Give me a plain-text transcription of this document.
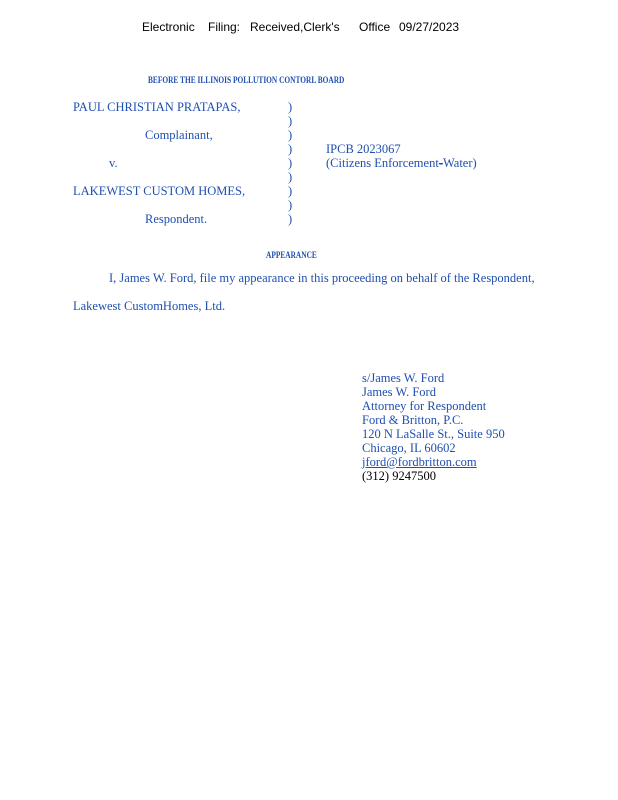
Electronic Filing: Received,Clerk's Office 09/27/2023
BEFORE THE ILLINOIS POLLUTION CONTORL BOARD
PAUL CHRISTIAN PRATAPAS,
Complainant,
v.
LAKEWEST CUSTOM HOMES,
Respondent.
)
)
)
)
)
)
)
)
)
IPCB 2023067
(Citizens Enforcement-Water)
APPEARANCE
I, James W. Ford, file my appearance in this proceeding on behalf of the Respondent,
Lakewest CustomHomes, Ltd.
s/James W. Ford
James W. Ford
Attorney for Respondent
Ford & Britton, P.C.
120 N LaSalle St., Suite 950
Chicago, IL 60602
jford@fordbritton.com
(312) 9247500
